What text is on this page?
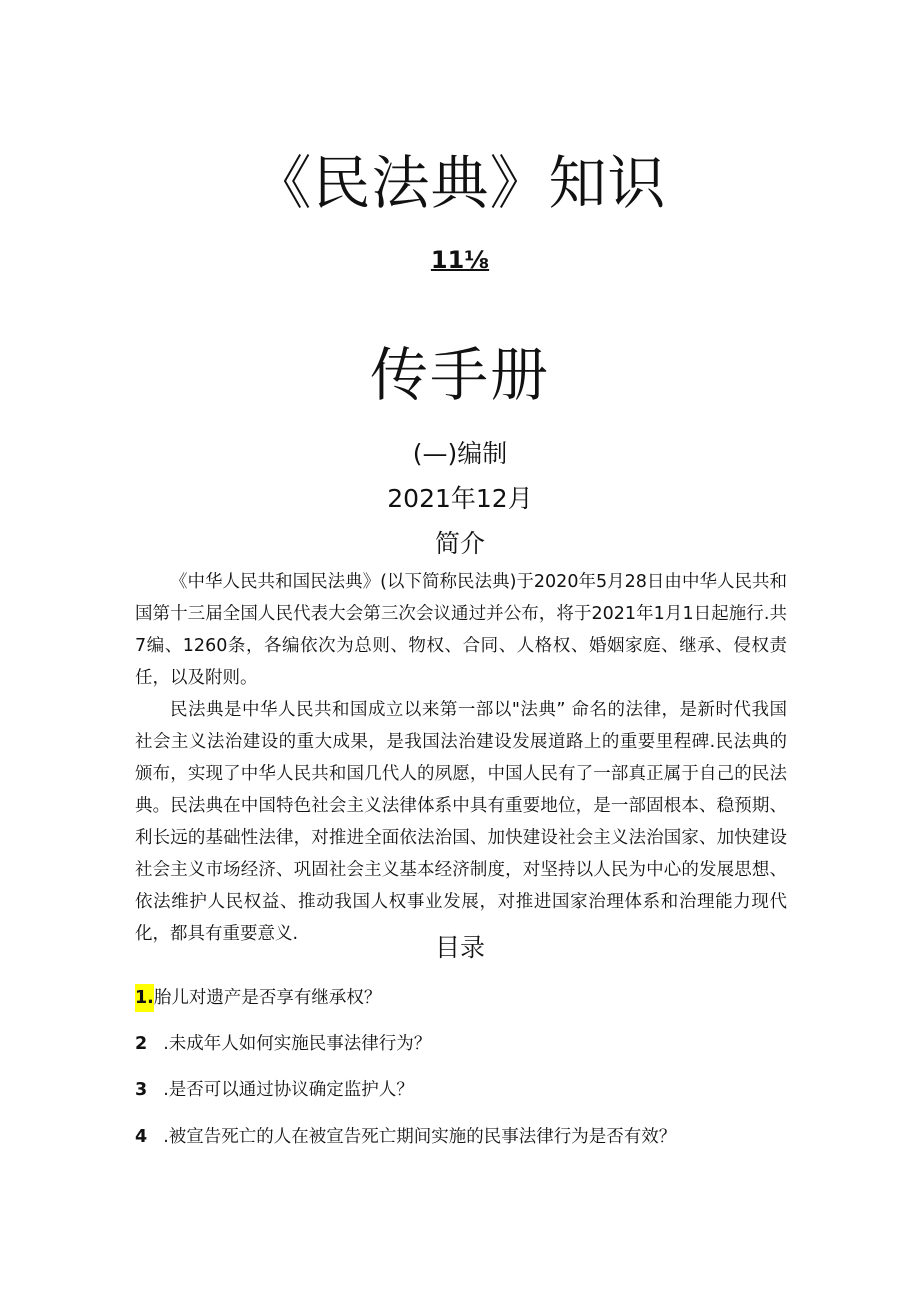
《民法典》知识
11⅛
传手册
(—)编制
2021年12月
简介

《中华人民共和国民法典》(以下简称民法典)于2020年5月28日由中华人民共和国第十三届全国人民代表大会第三次会议通过并公布，将于2021年1月1日起施行.共7编、1260条，各编依次为总则、物权、合同、人格权、婚姻家庭、继承、侵权责任，以及附则。

民法典是中华人民共和国成立以来第一部以"法典” 命名的法律，是新时代我国社会主义法治建设的重大成果，是我国法治建设发展道路上的重要里程碑.民法典的颁布，实现了中华人民共和国几代人的夙愿，中国人民有了一部真正属于自己的民法典。民法典在中国特色社会主义法律体系中具有重要地位，是一部固根本、稳预期、利长远的基础性法律，对推进全面依法治国、加快建设社会主义法治国家、加快建设社会主义市场经济、巩固社会主义基本经济制度，对坚持以人民为中心的发展思想、依法维护人民权益、推动我国人权事业发展，对推进国家治理体系和治理能力现代化，都具有重要意义.	目录
1.胎儿对遗产是否享有继承权？
2 .未成年人如何实施民事法律行为？
3 .是否可以通过协议确定监护人？
4 .被宣告死亡的人在被宣告死亡期间实施的民事法律行为是否有效？
